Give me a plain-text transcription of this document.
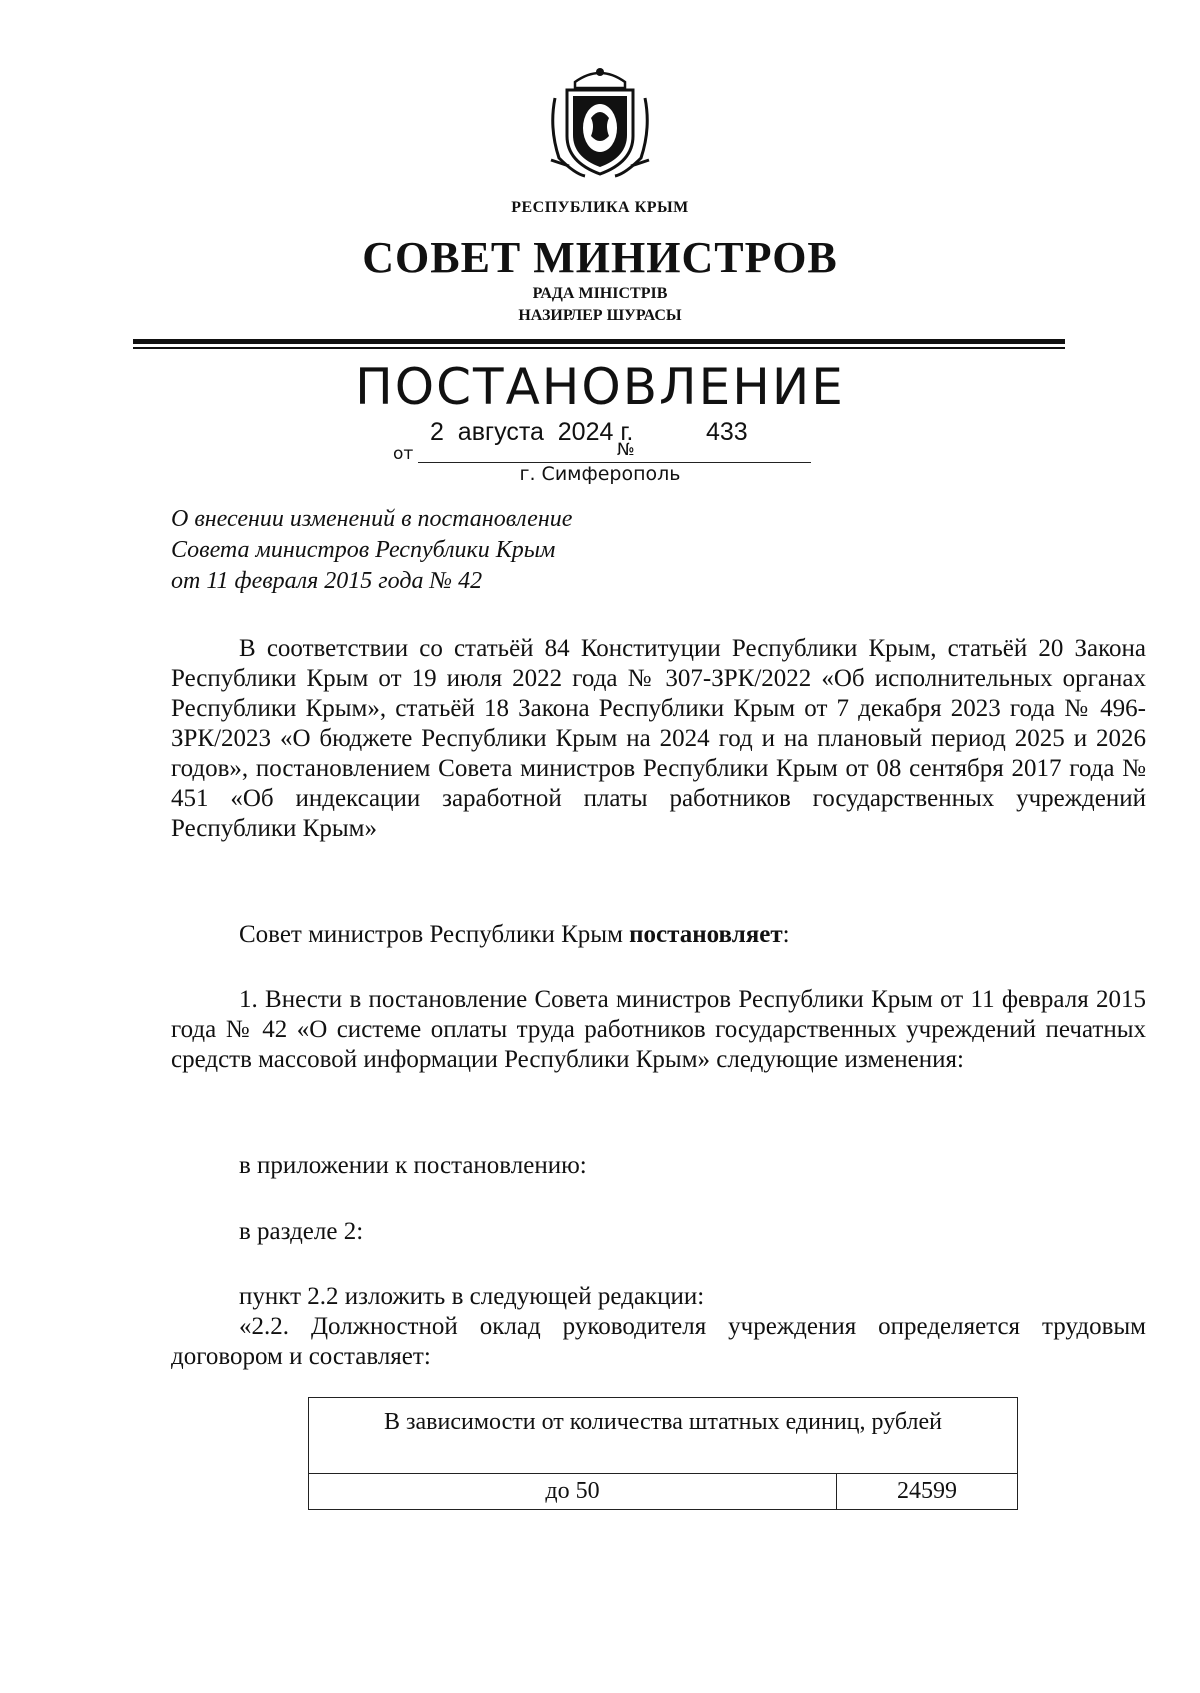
РЕСПУБЛИКА КРЫМ
СОВЕТ МИНИСТРОВ
РАДА МІНІСТРІВ
НАЗИРЛЕР ШУРАСЫ
ПОСТАНОВЛЕНИЕ
от
2  августа  2024 г.
№
433
г. Симферополь
О внесении изменений в постановление
Совета министров Республики Крым
от 11 февраля 2015 года № 42
В соответствии со статьёй 84 Конституции Республики Крым, статьёй 20 Закона Республики Крым от 19 июля 2022 года № 307-ЗРК/2022 «Об исполнительных органах Республики Крым», статьёй 18 Закона Республики Крым от 7 декабря 2023 года № 496-ЗРК/2023 «О бюджете Республики Крым на 2024 год и на плановый период 2025 и 2026 годов», постановлением Совета министров Республики Крым от 08 сентября 2017 года № 451 «Об индексации заработной платы работников государственных учреждений Республики Крым»
Совет министров Республики Крым постановляет:
1. Внести в постановление Совета министров Республики Крым от 11 февраля 2015 года № 42 «О системе оплаты труда работников государственных учреждений печатных средств массовой информации Республики Крым» следующие изменения:
в приложении к постановлению:
в разделе 2:
пункт 2.2 изложить в следующей редакции:
«2.2. Должностной оклад руководителя учреждения определяется трудовым договором и составляет:
В зависимости от количества штатных единиц, рублей
до 50	24599
